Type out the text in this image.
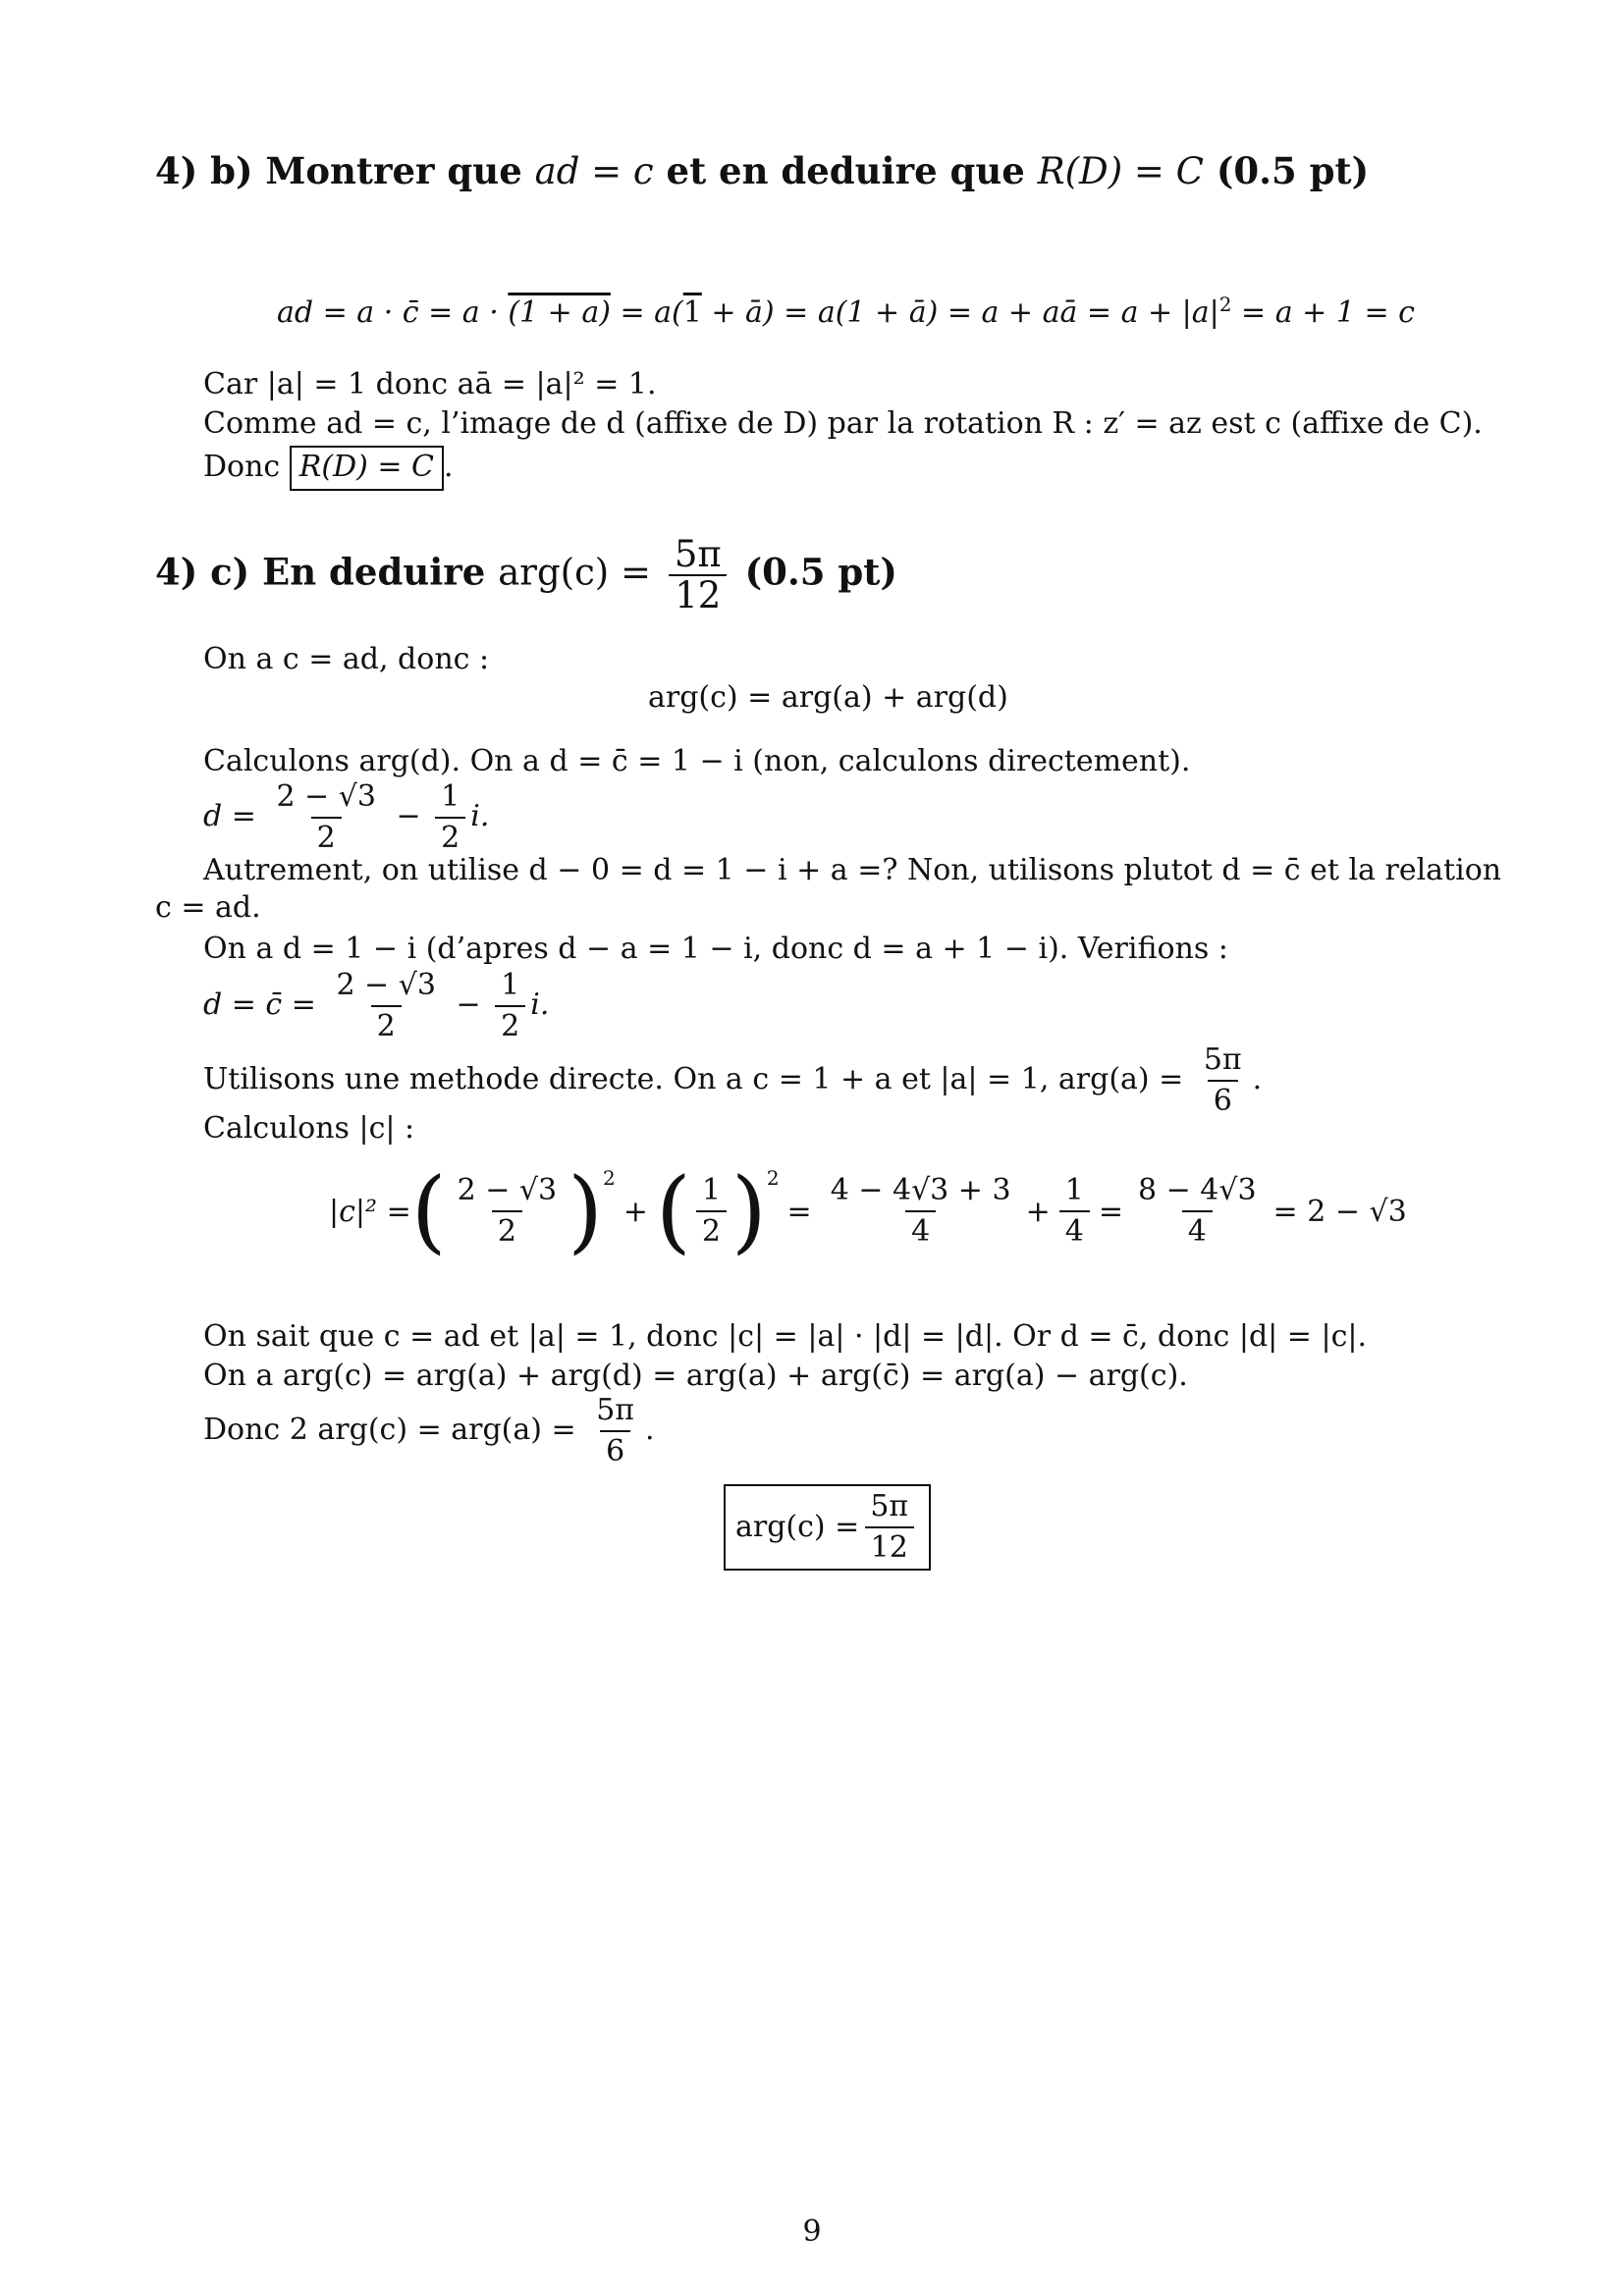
4) b) Montrer que ad = c et en deduire que R(D) = C (0.5 pt)
ad = a · c̄ = a · (1 + a) = a(1 + ā) = a(1 + ā) = a + aā = $a + |a|^2 = a + 1 = c$
Car |a| = 1 donc aā = |a|² = 1.
Comme ad = c, l’image de d (affixe de D) par la rotation R : z′ = az est c (affixe de C).
Donc R(D) = C .
4) c) En deduire $arg(c) = \frac{5\pi}{12} (0.5$ pt)
On a c = ad, donc :
arg(c) = arg(a) + arg(d)
Calculons arg(d). On a d = c̄ = 1 − i (non, calculons directement).
$d = \frac{2 - √3}{2} - \frac{1}{2} i$.
Autrement, on utilise d − 0 = d = 1 − i + a =? Non, utilisons plutot d = c̄ et la relation
c = ad.
On a d = 1 − i (d’apres d − a = 1 − i, donc d = a + 1 − i). Verifions :
d = c̄ = $\frac{2 - √3}{2} - \frac{1}{2} i$.
Utilisons une methode directe. On a c = 1 + a et |a| = 1, $arg(a) = \frac{5\pi}{6}$ .
Calculons |c| :
|c|² = ( $\frac{2 - √3}{2} )^2$
+ ( $\frac{1}{2} )^2$
= $\frac{4 - 4√3 + 3}{4} + \frac{1}{4} = \frac{8 - 4√3}{4} = 2 - √3$
On sait que c = ad et |a| = 1, donc |c| = |a| · |d| = |d|. Or d = c̄, donc |d| = |c|.
On a arg(c) = arg(a) + arg(d) = arg(a) + arg(c̄) = arg(a) − arg(c).
Donc 2 $arg(c) = arg(a) = \frac{5\pi}{6}$ .
$arg(c) = \frac{5\pi}{12}$
9
